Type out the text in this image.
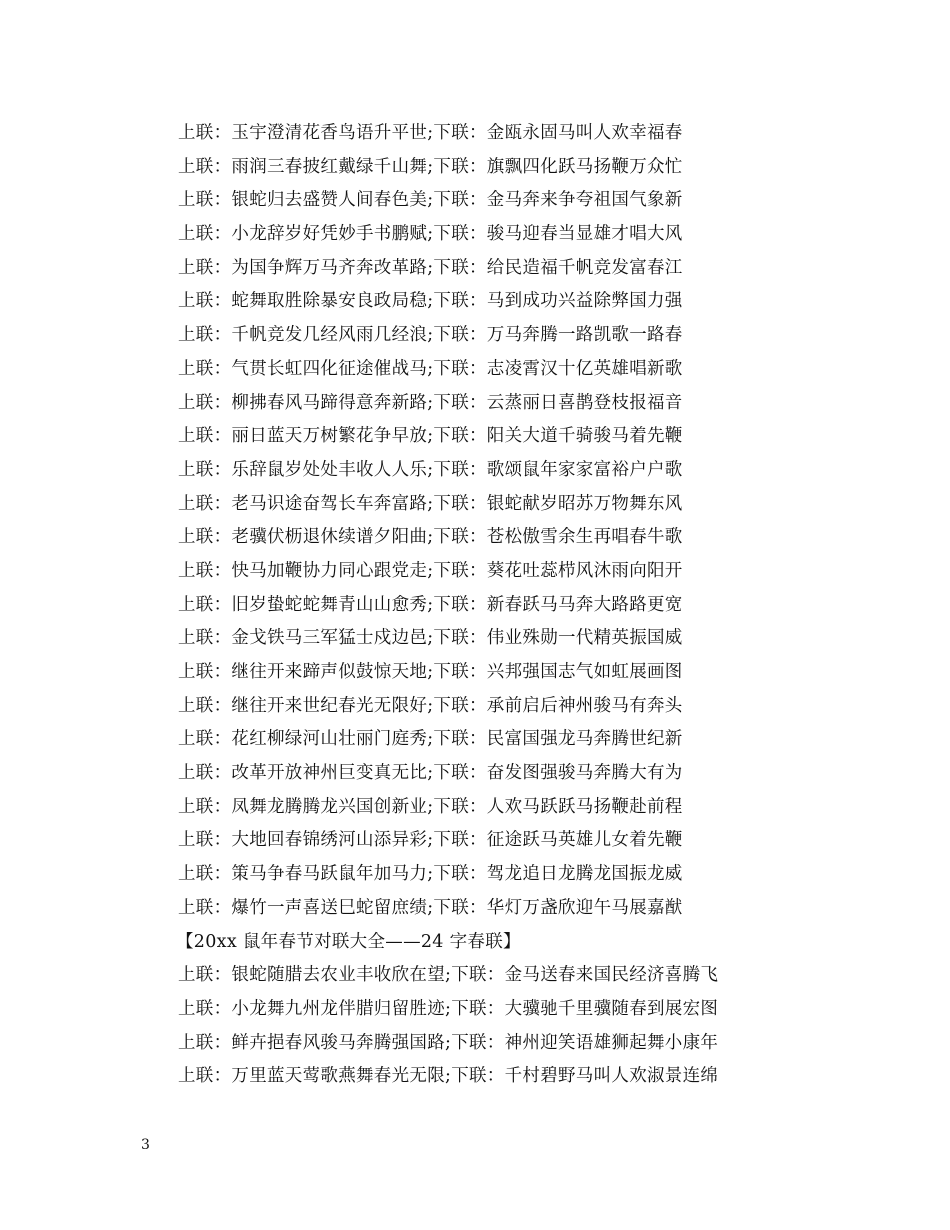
上联：玉宇澄清花香鸟语升平世;下联：金瓯永固马叫人欢幸福春
上联：雨润三春披红戴绿千山舞;下联：旗飘四化跃马扬鞭万众忙
上联：银蛇归去盛赞人间春色美;下联：金马奔来争夸祖国气象新
上联：小龙辞岁好凭妙手书鹏赋;下联：骏马迎春当显雄才唱大风
上联：为国争辉万马齐奔改革路;下联：给民造福千帆竞发富春江
上联：蛇舞取胜除暴安良政局稳;下联：马到成功兴益除弊国力强
上联：千帆竞发几经风雨几经浪;下联：万马奔腾一路凯歌一路春
上联：气贯长虹四化征途催战马;下联：志凌霄汉十亿英雄唱新歌
上联：柳拂春风马蹄得意奔新路;下联：云蒸丽日喜鹊登枝报福音
上联：丽日蓝天万树繁花争早放;下联：阳关大道千骑骏马着先鞭
上联：乐辞鼠岁处处丰收人人乐;下联：歌颂鼠年家家富裕户户歌
上联：老马识途奋驾长车奔富路;下联：银蛇献岁昭苏万物舞东风
上联：老骥伏枥退休续谱夕阳曲;下联：苍松傲雪余生再唱春牛歌
上联：快马加鞭协力同心跟党走;下联：葵花吐蕊栉风沐雨向阳开
上联：旧岁蛰蛇蛇舞青山山愈秀;下联：新春跃马马奔大路路更宽
上联：金戈铁马三军猛士戍边邑;下联：伟业殊勋一代精英振国威
上联：继往开来蹄声似鼓惊天地;下联：兴邦强国志气如虹展画图
上联：继往开来世纪春光无限好;下联：承前启后神州骏马有奔头
上联：花红柳绿河山壮丽门庭秀;下联：民富国强龙马奔腾世纪新
上联：改革开放神州巨变真无比;下联：奋发图强骏马奔腾大有为
上联：凤舞龙腾腾龙兴国创新业;下联：人欢马跃跃马扬鞭赴前程
上联：大地回春锦绣河山添异彩;下联：征途跃马英雄儿女着先鞭
上联：策马争春马跃鼠年加马力;下联：驾龙追日龙腾龙国振龙威
上联：爆竹一声喜送巳蛇留庶绩;下联：华灯万盏欣迎午马展嘉猷
【20xx 鼠年春节对联大全——24 字春联】
上联：银蛇随腊去农业丰收欣在望;下联：金马送春来国民经济喜腾飞
上联：小龙舞九州龙伴腊归留胜迹;下联：大骥驰千里骥随春到展宏图
上联：鲜卉挹春风骏马奔腾强国路;下联：神州迎笑语雄狮起舞小康年
上联：万里蓝天莺歌燕舞春光无限;下联：千村碧野马叫人欢淑景连绵
3
